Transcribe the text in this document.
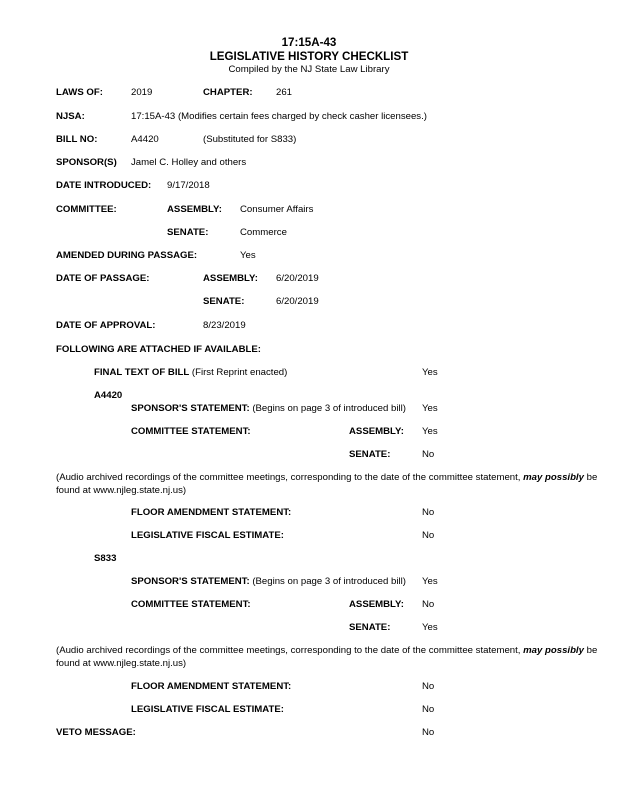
17:15A-43
LEGISLATIVE HISTORY CHECKLIST
Compiled by the NJ State Law Library
LAWS OF:	2019	CHAPTER: 261
NJSA:	17:15A-43 (Modifies certain fees charged by check casher licensees.)
BILL NO:	A4420	(Substituted for S833)
SPONSOR(S) Jamel C. Holley and others
DATE INTRODUCED: 9/17/2018
COMMITTEE:	ASSEMBLY: Consumer Affairs
SENATE:	Commerce
AMENDED DURING PASSAGE:	Yes
DATE OF PASSAGE:	ASSEMBLY: 6/20/2019
SENATE:	6/20/2019
DATE OF APPROVAL:	8/23/2019
FOLLOWING ARE ATTACHED IF AVAILABLE:
FINAL TEXT OF BILL (First Reprint enacted)	Yes
A4420
SPONSOR'S STATEMENT: (Begins on page 3 of introduced bill) Yes
COMMITTEE STATEMENT:	ASSEMBLY: Yes
SENATE:	No
(Audio archived recordings of the committee meetings, corresponding to the date of the committee statement, may possibly be found at www.njleg.state.nj.us)
FLOOR AMENDMENT STATEMENT:	No
LEGISLATIVE FISCAL ESTIMATE:	No
S833
SPONSOR'S STATEMENT: (Begins on page 3 of introduced bill) Yes
COMMITTEE STATEMENT:	ASSEMBLY: No
SENATE:	Yes
(Audio archived recordings of the committee meetings, corresponding to the date of the committee statement, may possibly be found at www.njleg.state.nj.us)
FLOOR AMENDMENT STATEMENT:	No
LEGISLATIVE FISCAL ESTIMATE:	No
VETO MESSAGE:	No
